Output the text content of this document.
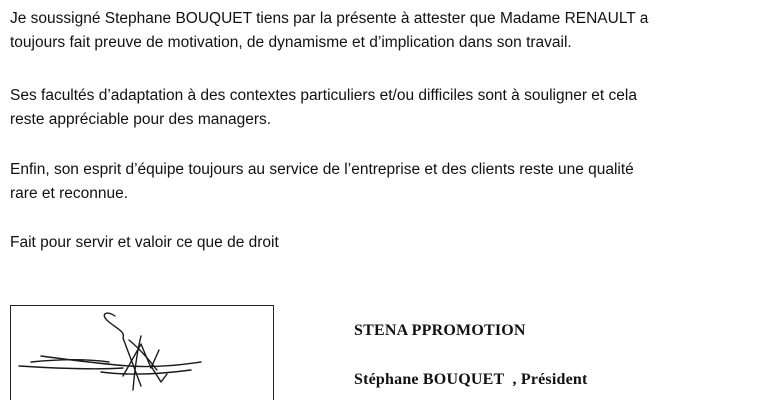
Je soussigné Stephane BOUQUET tiens par la présente à attester que Madame RENAULT a
toujours fait preuve de motivation, de dynamisme et d’implication dans son travail.

Ses facultés d’adaptation à des contextes particuliers et/ou difficiles sont à souligner et cela
reste appréciable pour des managers.

Enfin, son esprit d’équipe toujours au service de l’entreprise et des clients reste une qualité
rare et reconnue.

Fait pour servir et valoir ce que de droit

STENA PPROMOTION
Stéphane BOUQUET  , Président
